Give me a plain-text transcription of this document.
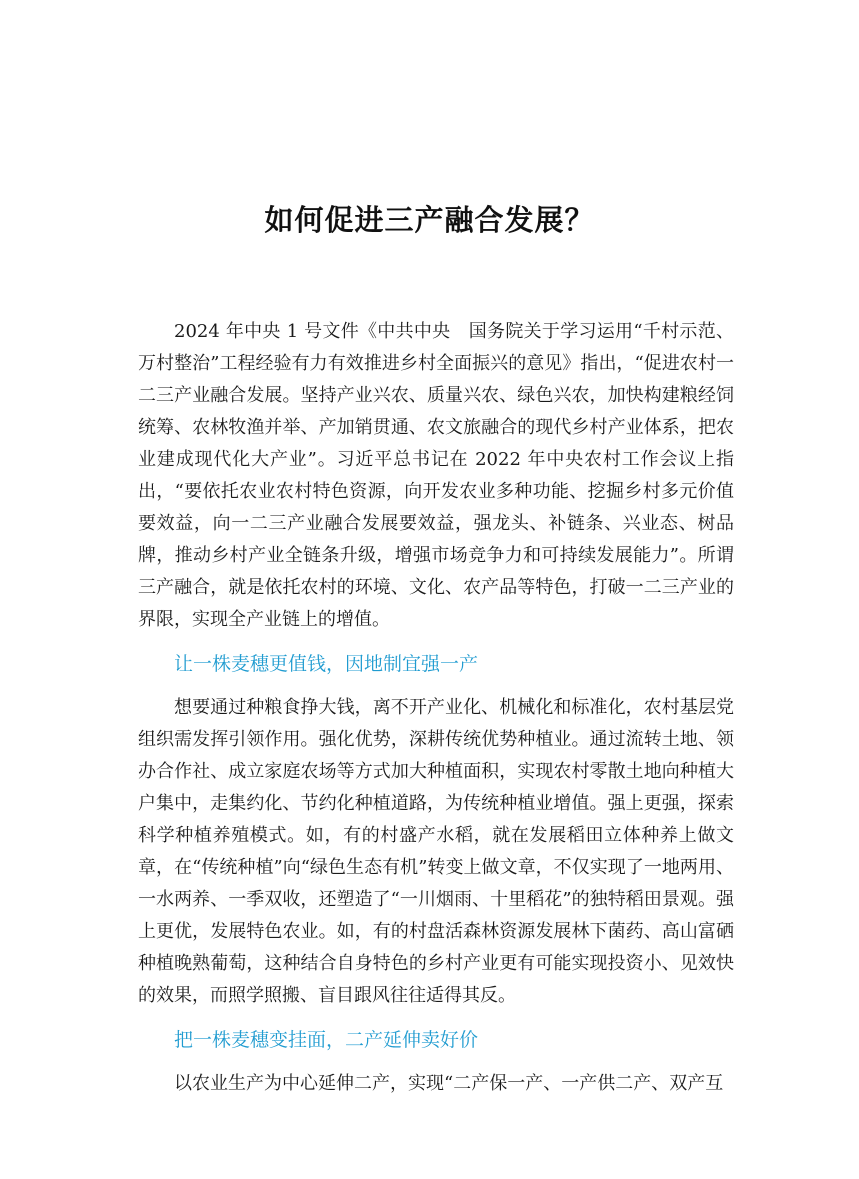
如何促进三产融合发展？

2024 年中央 1 号文件《中共中央　国务院关于学习运用“千村示范、万村整治”工程经验有力有效推进乡村全面振兴的意见》指出，“促进农村一二三产业融合发展。坚持产业兴农、质量兴农、绿色兴农，加快构建粮经饲统筹、农林牧渔并举、产加销贯通、农文旅融合的现代乡村产业体系，把农业建成现代化大产业”。习近平总书记在 2022 年中央农村工作会议上指出，“要依托农业农村特色资源，向开发农业多种功能、挖掘乡村多元价值要效益，向一二三产业融合发展要效益，强龙头、补链条、兴业态、树品牌，推动乡村产业全链条升级，增强市场竞争力和可持续发展能力”。所谓三产融合，就是依托农村的环境、文化、农产品等特色，打破一二三产业的界限，实现全产业链上的增值。

让一株麦穗更值钱，因地制宜强一产

想要通过种粮食挣大钱，离不开产业化、机械化和标准化，农村基层党组织需发挥引领作用。强化优势，深耕传统优势种植业。通过流转土地、领办合作社、成立家庭农场等方式加大种植面积，实现农村零散土地向种植大户集中，走集约化、节约化种植道路，为传统种植业增值。强上更强，探索科学种植养殖模式。如，有的村盛产水稻，就在发展稻田立体种养上做文章，在“传统种植”向“绿色生态有机”转变上做文章，不仅实现了一地两用、一水两养、一季双收，还塑造了“一川烟雨、十里稻花”的独特稻田景观。强上更优，发展特色农业。如，有的村盘活森林资源发展林下菌药、高山富硒种植晚熟葡萄，这种结合自身特色的乡村产业更有可能实现投资小、见效快的效果，而照学照搬、盲目跟风往往适得其反。

把一株麦穗变挂面，二产延伸卖好价

以农业生产为中心延伸二产，实现“二产保一产、一产供二产、双产互
